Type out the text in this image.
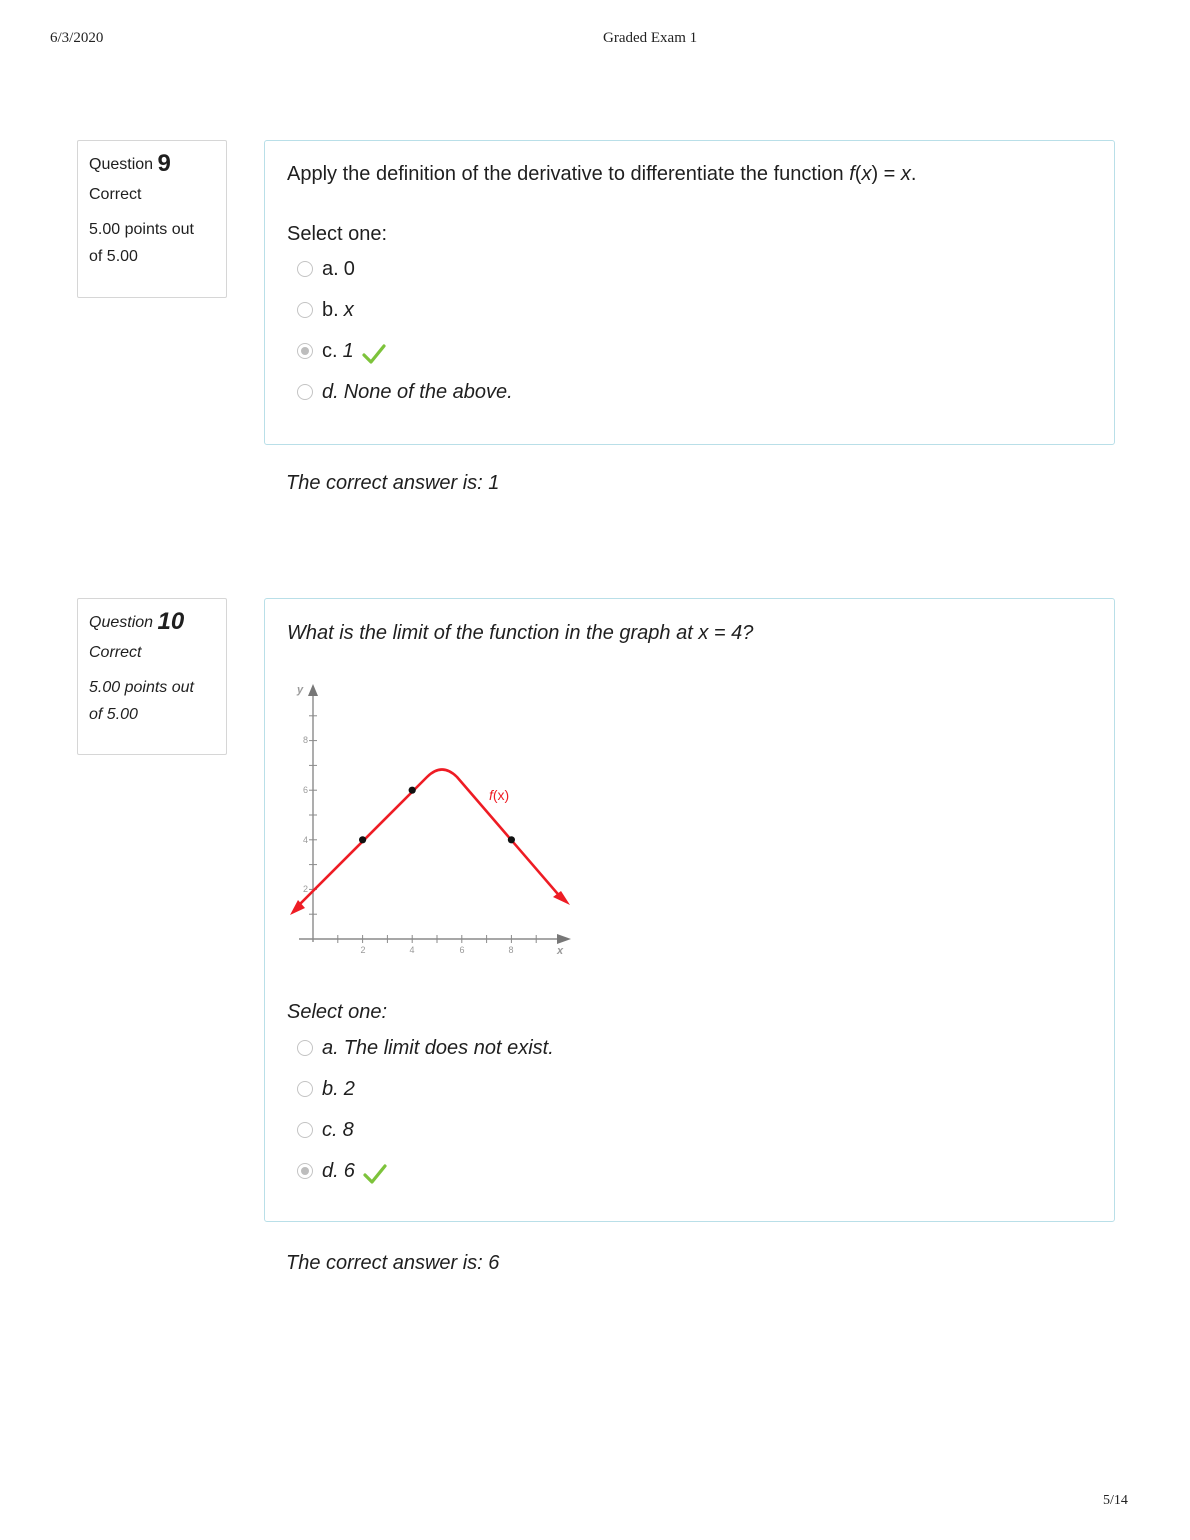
6/3/2020	Graded Exam 1
5/14
Question 9
Correct
5.00 points out
of 5.00
Apply the definition of the derivative to differentiate the function f(x) = x.
Select one:
a. 0
b. x
c. 1
d. None of the above.
The correct answer is: 1
Question 10
Correct
5.00 points out
of 5.00
What is the limit of the function in the graph at x = 4?
y
x
2	4	6	8
2
4
6
8
f(x)
Select one:
a. The limit does not exist.
b. 2
c. 8
d. 6
The correct answer is: 6
